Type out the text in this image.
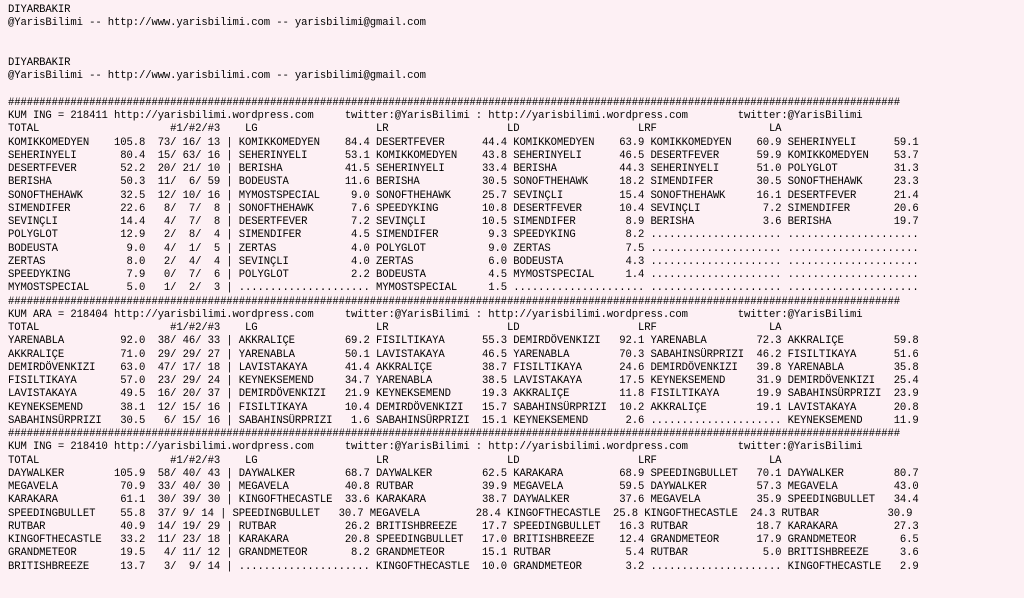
DIYARBAKIR
@YarisBilimi -- http://www.yarisbilimi.com -- yarisbilimi@gmail.com

DIYARBAKIR
@YarisBilimi -- http://www.yarisbilimi.com -- yarisbilimi@gmail.com

###############################################################################################################################################
KUM ING = 218411 http://yarisbilimi.wordpress.com     twitter:@YarisBilimi : http://yarisbilimi.wordpress.com        twitter:@YarisBilimi
TOTAL                     #1/#2/#3    LG                   LR                   LD                   LRF                  LA
KOMIKKOMEDYEN    105.8  73/ 16/ 13 | KOMIKKOMEDYEN    84.4 DESERTFEVER      44.4 KOMIKKOMEDYEN    63.9 KOMIKKOMEDYEN    60.9 SEHERINYELI      59.1
SEHERINYELI       80.4  15/ 63/ 16 | SEHERINYELI      53.1 KOMIKKOMEDYEN    43.8 SEHERINYELI      46.5 DESERTFEVER      59.9 KOMIKKOMEDYEN    53.7
DESERTFEVER       52.2  20/ 21/ 10 | BERISHA          41.5 SEHERINYELI      33.4 BERISHA          44.3 SEHERINYELI      51.0 POLYGLOT         31.3
BERISHA           50.3  11/  6/ 59 | BODEUSTA         11.6 BERISHA          30.5 SONOFTHEHAWK     18.2 SIMENDIFER       30.5 SONOFTHEHAWK     23.3
SONOFTHEHAWK      32.5  12/ 10/ 16 | MYMOSTSPECIAL     9.0 SONOFTHEHAWK     25.7 SEVINÇLI         15.4 SONOFTHEHAWK     16.1 DESERTFEVER      21.4
SIMENDIFER        22.6   8/  7/  8 | SONOFTHEHAWK      7.6 SPEEDYKING       10.8 DESERTFEVER      10.4 SEVINÇLI          7.2 SIMENDIFER       20.6
SEVINÇLI          14.4   4/  7/  8 | DESERTFEVER       7.2 SEVINÇLI         10.5 SIMENDIFER        8.9 BERISHA           3.6 BERISHA          19.7
POLYGLOT          12.9   2/  8/  4 | SIMENDIFER        4.5 SIMENDIFER        9.3 SPEEDYKING        8.2 ..................... .....................
BODEUSTA           9.0   4/  1/  5 | ZERTAS            4.0 POLYGLOT          9.0 ZERTAS            7.5 ..................... .....................
ZERTAS             8.0   2/  4/  4 | SEVINÇLI          4.0 ZERTAS            6.0 BODEUSTA          4.3 ..................... .....................
SPEEDYKING         7.9   0/  7/  6 | POLYGLOT          2.2 BODEUSTA          4.5 MYMOSTSPECIAL     1.4 ..................... .....................
MYMOSTSPECIAL      5.0   1/  2/  3 | ..................... MYMOSTSPECIAL     1.5 ..................... ..................... .....................
###############################################################################################################################################
KUM ARA = 218404 http://yarisbilimi.wordpress.com     twitter:@YarisBilimi : http://yarisbilimi.wordpress.com        twitter:@YarisBilimi
TOTAL                     #1/#2/#3    LG                   LR                   LD                   LRF                  LA
YARENABLA         92.0  38/ 46/ 33 | AKKRALIÇE        69.2 FISILTIKAYA      55.3 DEMIRDÖVENKIZI   92.1 YARENABLA        72.3 AKKRALIÇE        59.8
AKKRALIÇE         71.0  29/ 29/ 27 | YARENABLA        50.1 LAVISTAKAYA      46.5 YARENABLA        70.3 SABAHINSÜRPRIZI  46.2 FISILTIKAYA      51.6
DEMIRDÖVENKIZI    63.0  47/ 17/ 18 | LAVISTAKAYA      41.4 AKKRALIÇE        38.7 FISILTIKAYA      24.6 DEMIRDÖVENKIZI   39.8 YARENABLA        35.8
FISILTIKAYA       57.0  23/ 29/ 24 | KEYNEKSEMEND     34.7 YARENABLA        38.5 LAVISTAKAYA      17.5 KEYNEKSEMEND     31.9 DEMIRDÖVENKIZI   25.4
LAVISTAKAYA       49.5  16/ 20/ 37 | DEMIRDÖVENKIZI   21.9 KEYNEKSEMEND     19.3 AKKRALIÇE        11.8 FISILTIKAYA      19.9 SABAHINSÜRPRIZI  23.9
KEYNEKSEMEND      38.1  12/ 15/ 16 | FISILTIKAYA      10.4 DEMIRDÖVENKIZI   15.7 SABAHINSÜRPRIZI  10.2 AKKRALIÇE        19.1 LAVISTAKAYA      20.8
SABAHINSÜRPRIZI   30.5   6/ 15/ 16 | SABAHINSÜRPRIZI   1.6 SABAHINSÜRPRIZI  15.1 KEYNEKSEMEND      2.6 ..................... KEYNEKSEMEND     11.9
###############################################################################################################################################
KUM ING = 218410 http://yarisbilimi.wordpress.com     twitter:@YarisBilimi : http://yarisbilimi.wordpress.com        twitter:@YarisBilimi
TOTAL                     #1/#2/#3    LG                   LR                   LD                   LRF                  LA
DAYWALKER        105.9  58/ 40/ 43 | DAYWALKER        68.7 DAYWALKER        62.5 KARAKARA         68.9 SPEEDINGBULLET   70.1 DAYWALKER        80.7
MEGAVELA          70.9  33/ 40/ 30 | MEGAVELA         40.8 RUTBAR           39.9 MEGAVELA         59.5 DAYWALKER        57.3 MEGAVELA         43.0
KARAKARA          61.1  30/ 39/ 30 | KINGOFTHECASTLE  33.6 KARAKARA         38.7 DAYWALKER        37.6 MEGAVELA         35.9 SPEEDINGBULLET   34.4
SPEEDINGBULLET    55.8  37/ 9/ 14 | SPEEDINGBULLET   30.7 MEGAVELA         28.4 KINGOFTHECASTLE  25.8 KINGOFTHECASTLE  24.3 RUTBAR           30.9
RUTBAR            40.9  14/ 19/ 29 | RUTBAR           26.2 BRITISHBREEZE    17.7 SPEEDINGBULLET   16.3 RUTBAR           18.7 KARAKARA         27.3
KINGOFTHECASTLE   33.2  11/ 23/ 18 | KARAKARA         20.8 SPEEDINGBULLET   17.0 BRITISHBREEZE    12.4 GRANDMETEOR      17.9 GRANDMETEOR       6.5
GRANDMETEOR       19.5   4/ 11/ 12 | GRANDMETEOR       8.2 GRANDMETEOR      15.1 RUTBAR            5.4 RUTBAR            5.0 BRITISHBREEZE     3.6
BRITISHBREEZE     13.7   3/  9/ 14 | ..................... KINGOFTHECASTLE  10.0 GRANDMETEOR       3.2 ..................... KINGOFTHECASTLE   2.9
